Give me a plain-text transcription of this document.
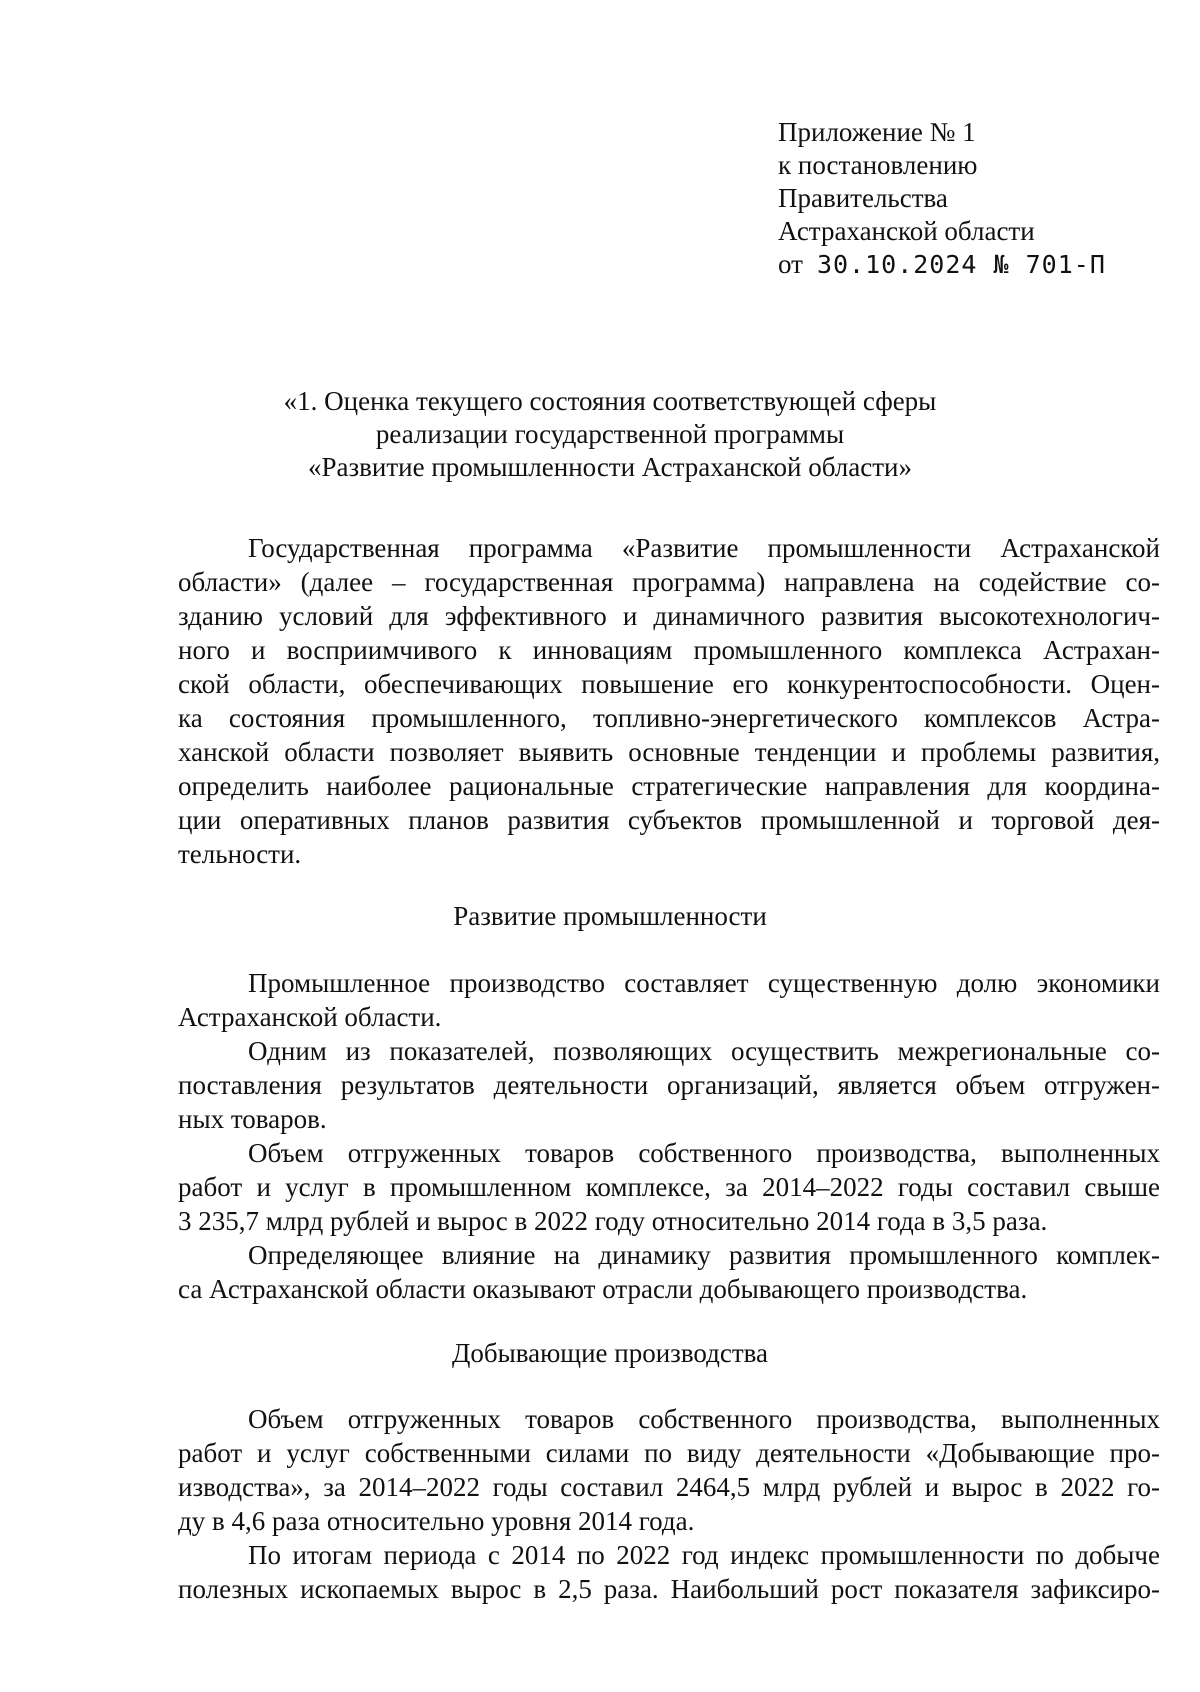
Приложение № 1
к постановлению
Правительства
Астраханской области
от 30.10.2024 № 701-П
«1. Оценка текущего состояния соответствующей сферы
реализации государственной программы
«Развитие промышленности Астраханской области»
Государственная программа «Развитие промышленности Астраханской
области» (далее – государственная программа) направлена на содействие со-
зданию условий для эффективного и динамичного развития высокотехнологич-
ного и восприимчивого к инновациям промышленного комплекса Астрахан-
ской области, обеспечивающих повышение его конкурентоспособности. Оцен-
ка состояния промышленного, топливно-энергетического комплексов Астра-
ханской области позволяет выявить основные тенденции и проблемы развития,
определить наиболее рациональные стратегические направления для координа-
ции оперативных планов развития субъектов промышленной и торговой дея-
тельности.
Развитие промышленности
Промышленное производство составляет существенную долю экономики
Астраханской области.
Одним из показателей, позволяющих осуществить межрегиональные со-
поставления результатов деятельности организаций, является объем отгружен-
ных товаров.
Объем отгруженных товаров собственного производства, выполненных
работ и услуг в промышленном комплексе, за 2014–2022 годы составил свыше
3 235,7 млрд рублей и вырос в 2022 году относительно 2014 года в 3,5 раза.
Определяющее влияние на динамику развития промышленного комплек-
са Астраханской области оказывают отрасли добывающего производства.
Добывающие производства
Объем отгруженных товаров собственного производства, выполненных
работ и услуг собственными силами по виду деятельности «Добывающие про-
изводства», за 2014–2022 годы составил 2464,5 млрд рублей и вырос в 2022 го-
ду в 4,6 раза относительно уровня 2014 года.
По итогам периода с 2014 по 2022 год индекс промышленности по добыче
полезных ископаемых вырос в 2,5 раза. Наибольший рост показателя зафиксиро-
